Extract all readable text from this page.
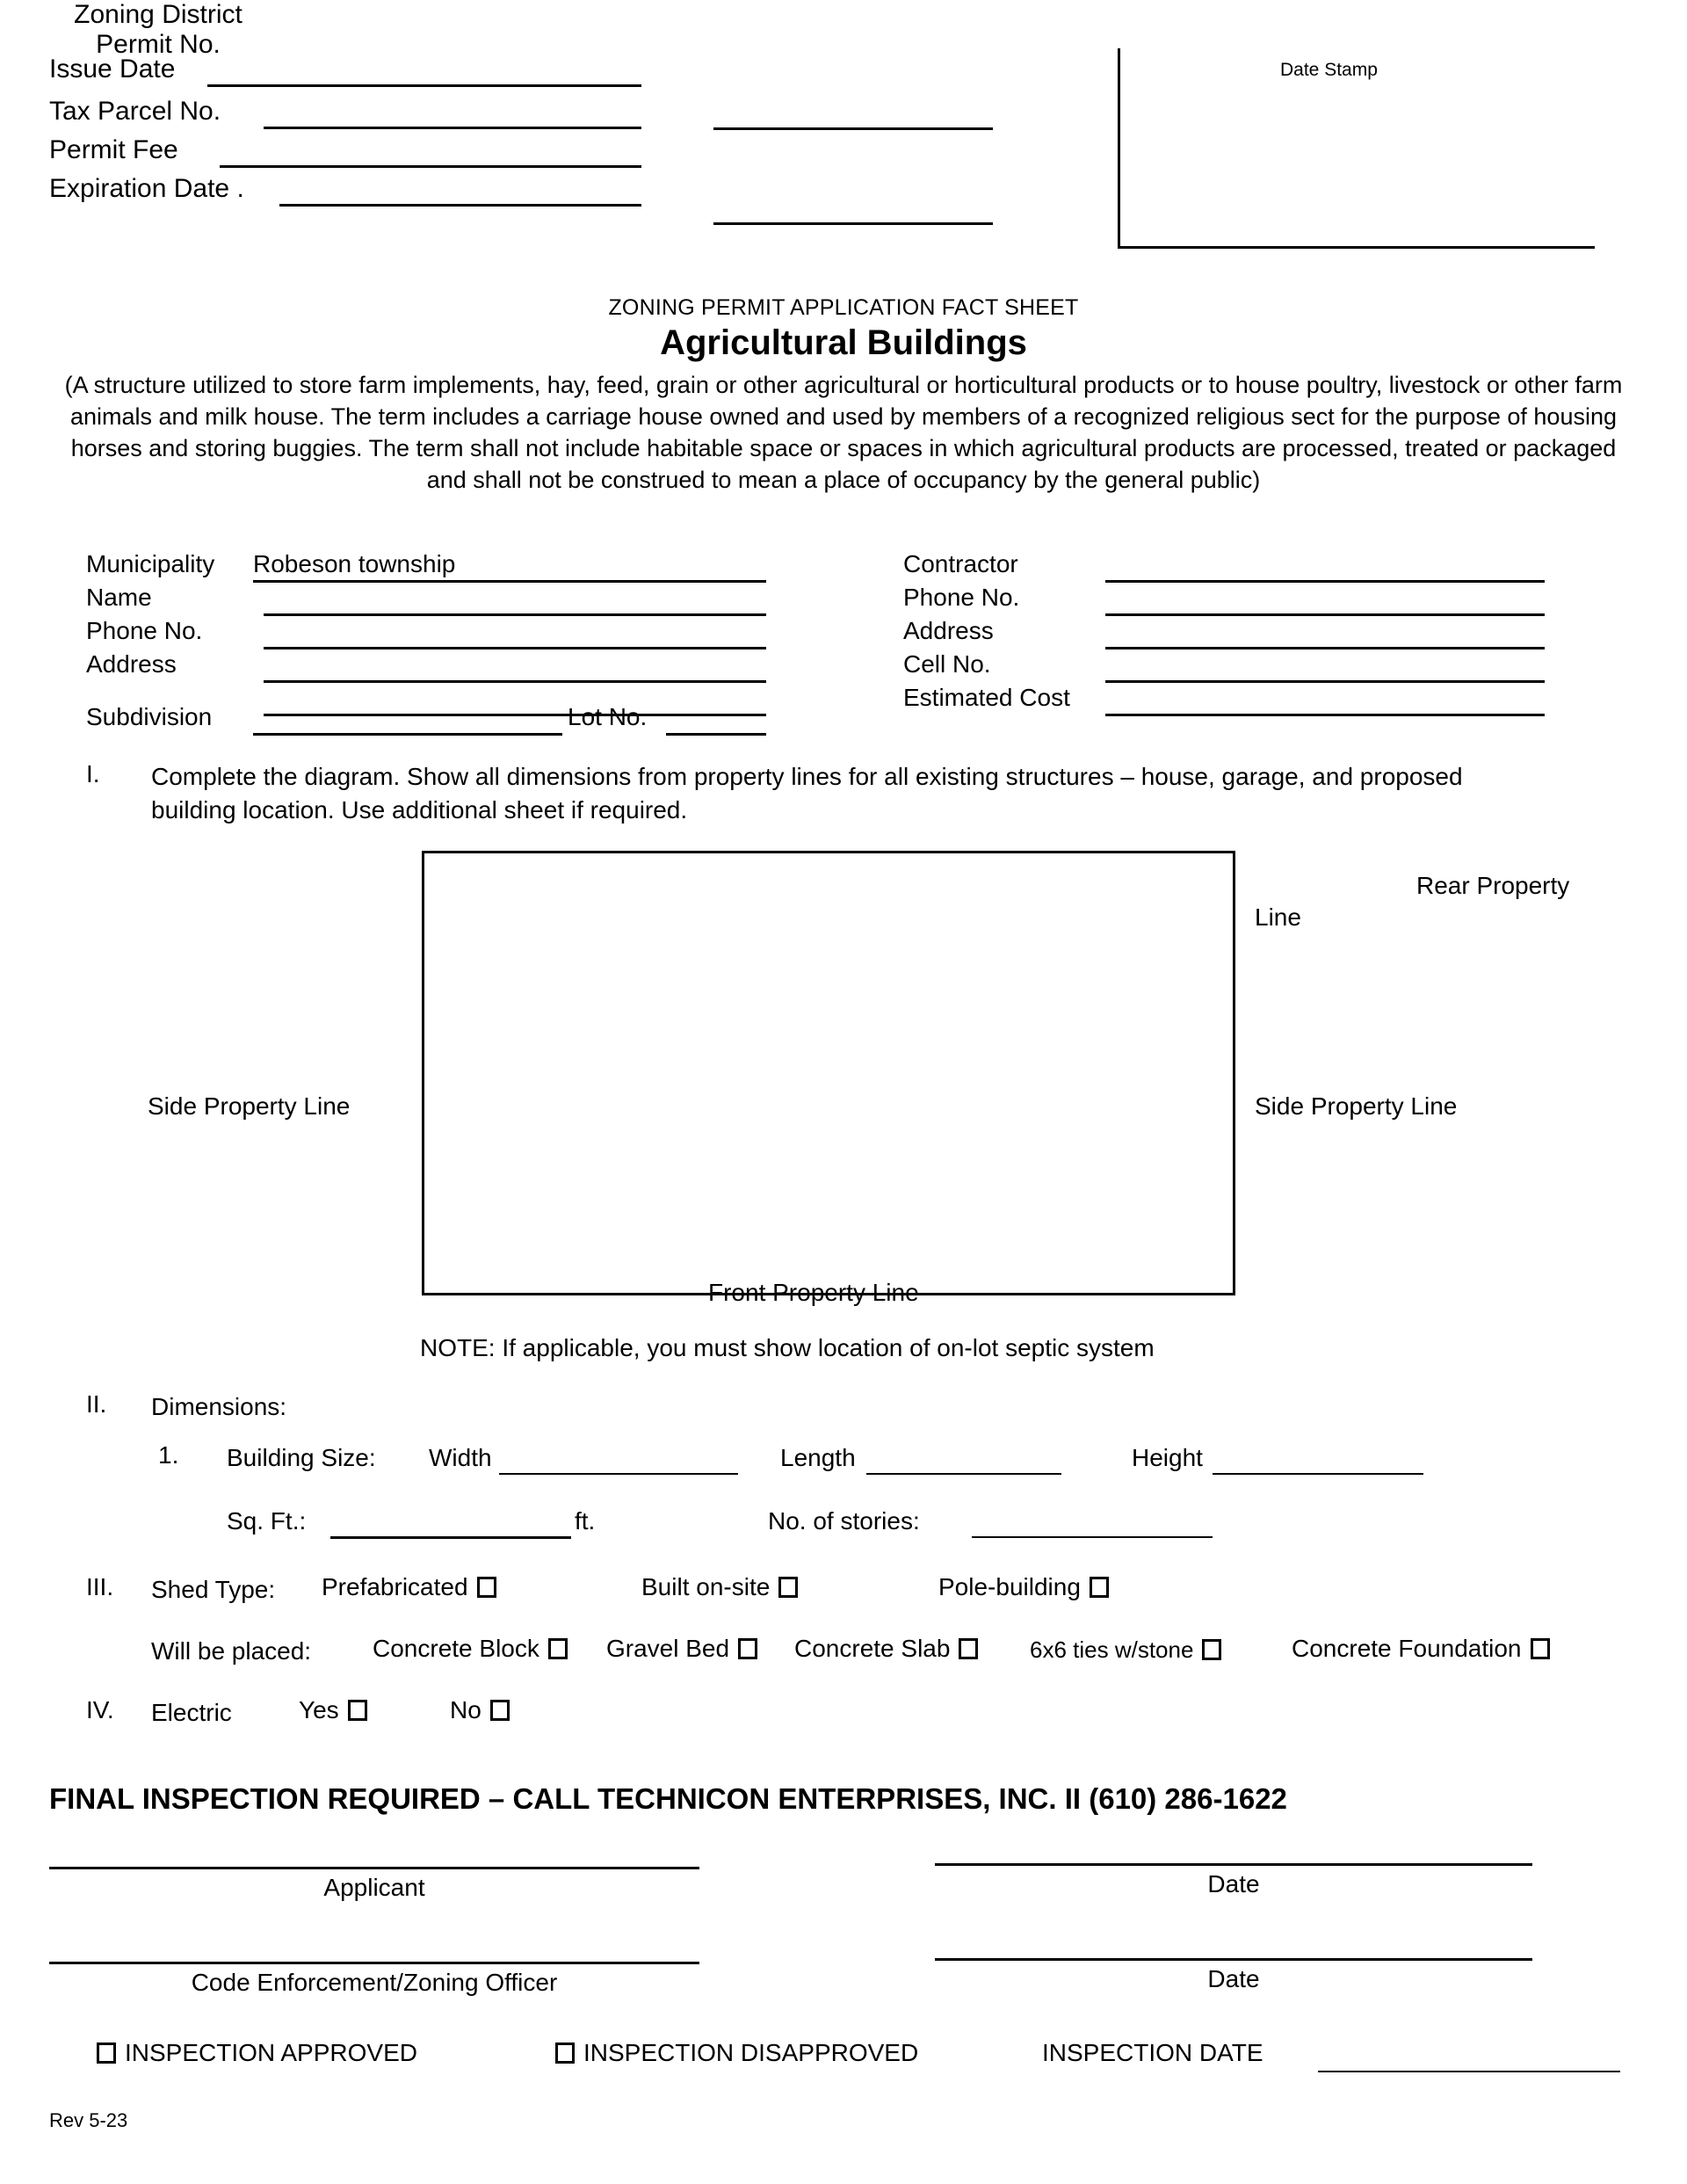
Issue Date
Tax Parcel No.
Permit Fee
Expiration Date .
Zoning District
Permit No.
Date Stamp
ZONING PERMIT APPLICATION FACT SHEET
Agricultural Buildings
(A structure utilized to store farm implements, hay, feed, grain or other agricultural or horticultural products or to house poultry, livestock or other farm animals and milk house. The term includes a carriage house owned and used by members of a recognized religious sect for the purpose of housing horses and storing buggies. The term shall not include habitable space or spaces in which agricultural products are processed, treated or packaged and shall not be construed to mean a place of occupancy by the general public)
Municipality Robeson township
Name
Phone No.
Address
Contractor
Phone No.
Address
Cell No.
Estimated Cost
Subdivision	Lot No.
I. Complete the diagram. Show all dimensions from property lines for all existing structures – house, garage, and proposed building location. Use additional sheet if required.
Rear Property
Line
Side Property Line	Side Property Line
Front Property Line
NOTE: If applicable, you must show location of on-lot septic system
II. Dimensions:
1. Building Size: Width	Length	Height
Sq. Ft.:	ft.	No. of stories:
III. Shed Type: Prefabricated	Built on-site	Pole-building
Will be placed: Concrete Block	Gravel Bed	Concrete Slab	6x6 ties w/stone	Concrete Foundation
IV. Electric	Yes	No
FINAL INSPECTION REQUIRED – CALL TECHNICON ENTERPRISES, INC. II (610) 286-1622
Applicant	Date
Code Enforcement/Zoning Officer	Date
INSPECTION APPROVED	INSPECTION DISAPPROVED	INSPECTION DATE
Rev 5-23
